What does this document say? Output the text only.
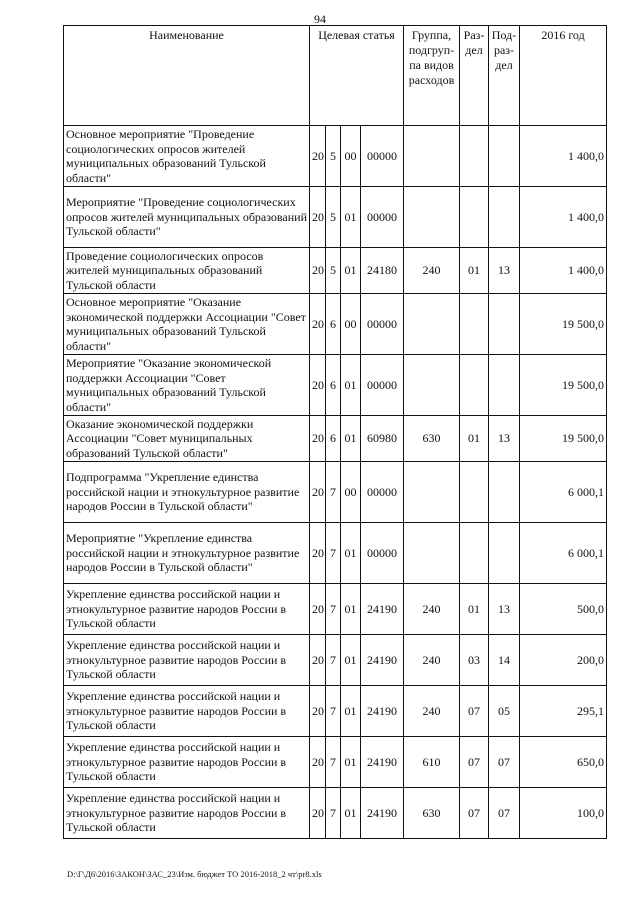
94
Наименование	Целевая статья				Группа, подгруп-па видов расходов	Раз-дел	Под-раз-дел	2016 год
Основное мероприятие "Проведение социологических опросов жителей муниципальных образований Тульской области"	20	5	00	00000				1 400,0
Мероприятие "Проведение социологических опросов жителей муниципальных образований Тульской области"	20	5	01	00000				1 400,0
Проведение социологических опросов жителей муниципальных образований Тульской области	20	5	01	24180	240	01	13	1 400,0
Основное мероприятие "Оказание экономической поддержки Ассоциации "Совет муниципальных образований Тульской области"	20	6	00	00000				19 500,0
Мероприятие "Оказание экономической поддержки Ассоциации "Совет муниципальных образований Тульской области"	20	6	01	00000				19 500,0
Оказание экономической поддержки Ассоциации "Совет муниципальных образований Тульской области"	20	6	01	60980	630	01	13	19 500,0
Подпрограмма "Укрепление единства российской нации и этнокультурное развитие народов России в Тульской области"	20	7	00	00000				6 000,1
Мероприятие "Укрепление единства российской нации и этнокультурное развитие народов России в Тульской области"	20	7	01	00000				6 000,1
Укрепление единства российской нации и этнокультурное развитие народов России в Тульской области	20	7	01	24190	240	01	13	500,0
Укрепление единства российской нации и этнокультурное развитие народов России в Тульской области	20	7	01	24190	240	03	14	200,0
Укрепление единства российской нации и этнокультурное развитие народов России в Тульской области	20	7	01	24190	240	07	05	295,1
Укрепление единства российской нации и этнокультурное развитие народов России в Тульской области	20	7	01	24190	610	07	07	650,0
Укрепление единства российской нации и этнокультурное развитие народов России в Тульской области	20	7	01	24190	630	07	07	100,0
D:\Г\Д6\2016\ЗАКОН\ЗАС_23\Изм. бюджет ТО 2016-2018_2 чт\pr8.xls
